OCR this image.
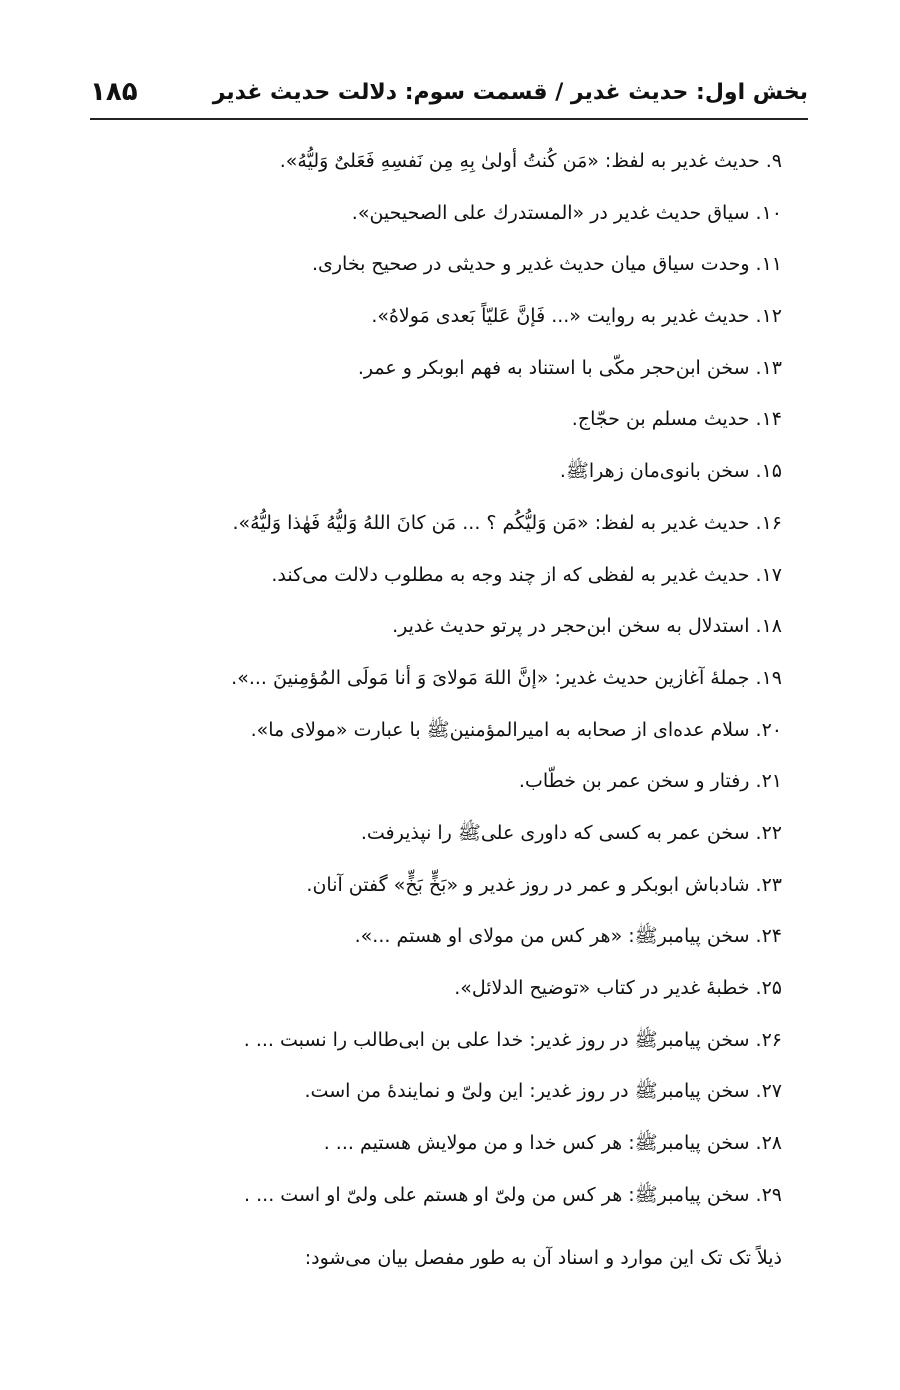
بخش اول: حدیث غدیر / قسمت سوم: دلالت حدیث غدیر
۱۸۵
۹. حدیث غدیر به لفظ: «مَن کُنتُ أولیٰ بِهِ مِن نَفسِهِ فَعَلیٌ وَلیُّهُ».
۱۰. سیاق حدیث غدیر در «المستدرك علی الصحیحین».
۱۱. وحدت سیاق میان حدیث غدیر و حدیثی در صحیح بخاری.
۱۲. حدیث غدیر به روایت «... فَإنَّ عَلیّاً بَعدی مَولاهُ».
۱۳. سخن ابن‌حجر مکّی با استناد به فهم ابوبکر و عمر.
۱۴. حدیث مسلم بن حجّاج.
۱۵. سخن بانوی‌مان زهرا‌ﷺ.
۱۶. حدیث غدیر به لفظ: «مَن وَلیُّکُم ؟ ... مَن کانَ اللهُ وَلیُّهُ فَهٰذا وَلیُّهُ».
۱۷. حدیث غدیر به لفظی که از چند وجه به مطلوب دلالت می‌کند.
۱۸. استدلال به سخن ابن‌حجر در پرتو حدیث غدیر.
۱۹. جملهٔ آغازین حدیث غدیر: «إنَّ اللهَ مَولایَ وَ أنا مَولَی المُؤمِنینَ ...».
۲۰. سلام عده‌ای از صحابه به امیرالمؤمنین‌ﷺ با عبارت «مولای ما».
۲۱. رفتار و سخن عمر بن خطّاب.
۲۲. سخن عمر به کسی که داوری علی‌ﷺ را نپذیرفت.
۲۳. شادباش ابوبکر و عمر در روز غدیر و «بَخٍّ بَخٍّ» گفتن آنان.
۲۴. سخن پیامبر‌ﷺ: «هر کس من مولای او هستم ...».
۲۵. خطبهٔ غدیر در کتاب «توضیح الدلائل».
۲۶. سخن پیامبر‌ﷺ در روز غدیر: خدا علی بن ابی‌طالب را نسبت ... .
۲۷. سخن پیامبر‌ﷺ در روز غدیر: این ولیّ و نمایندهٔ من است.
۲۸. سخن پیامبر‌ﷺ: هر کس خدا و من مولایش هستیم ... .
۲۹. سخن پیامبر‌ﷺ: هر کس من ولیّ او هستم علی ولیّ او است ... .

ذیلاً تک تک این موارد و اسناد آن به طور مفصل بیان می‌شود:
